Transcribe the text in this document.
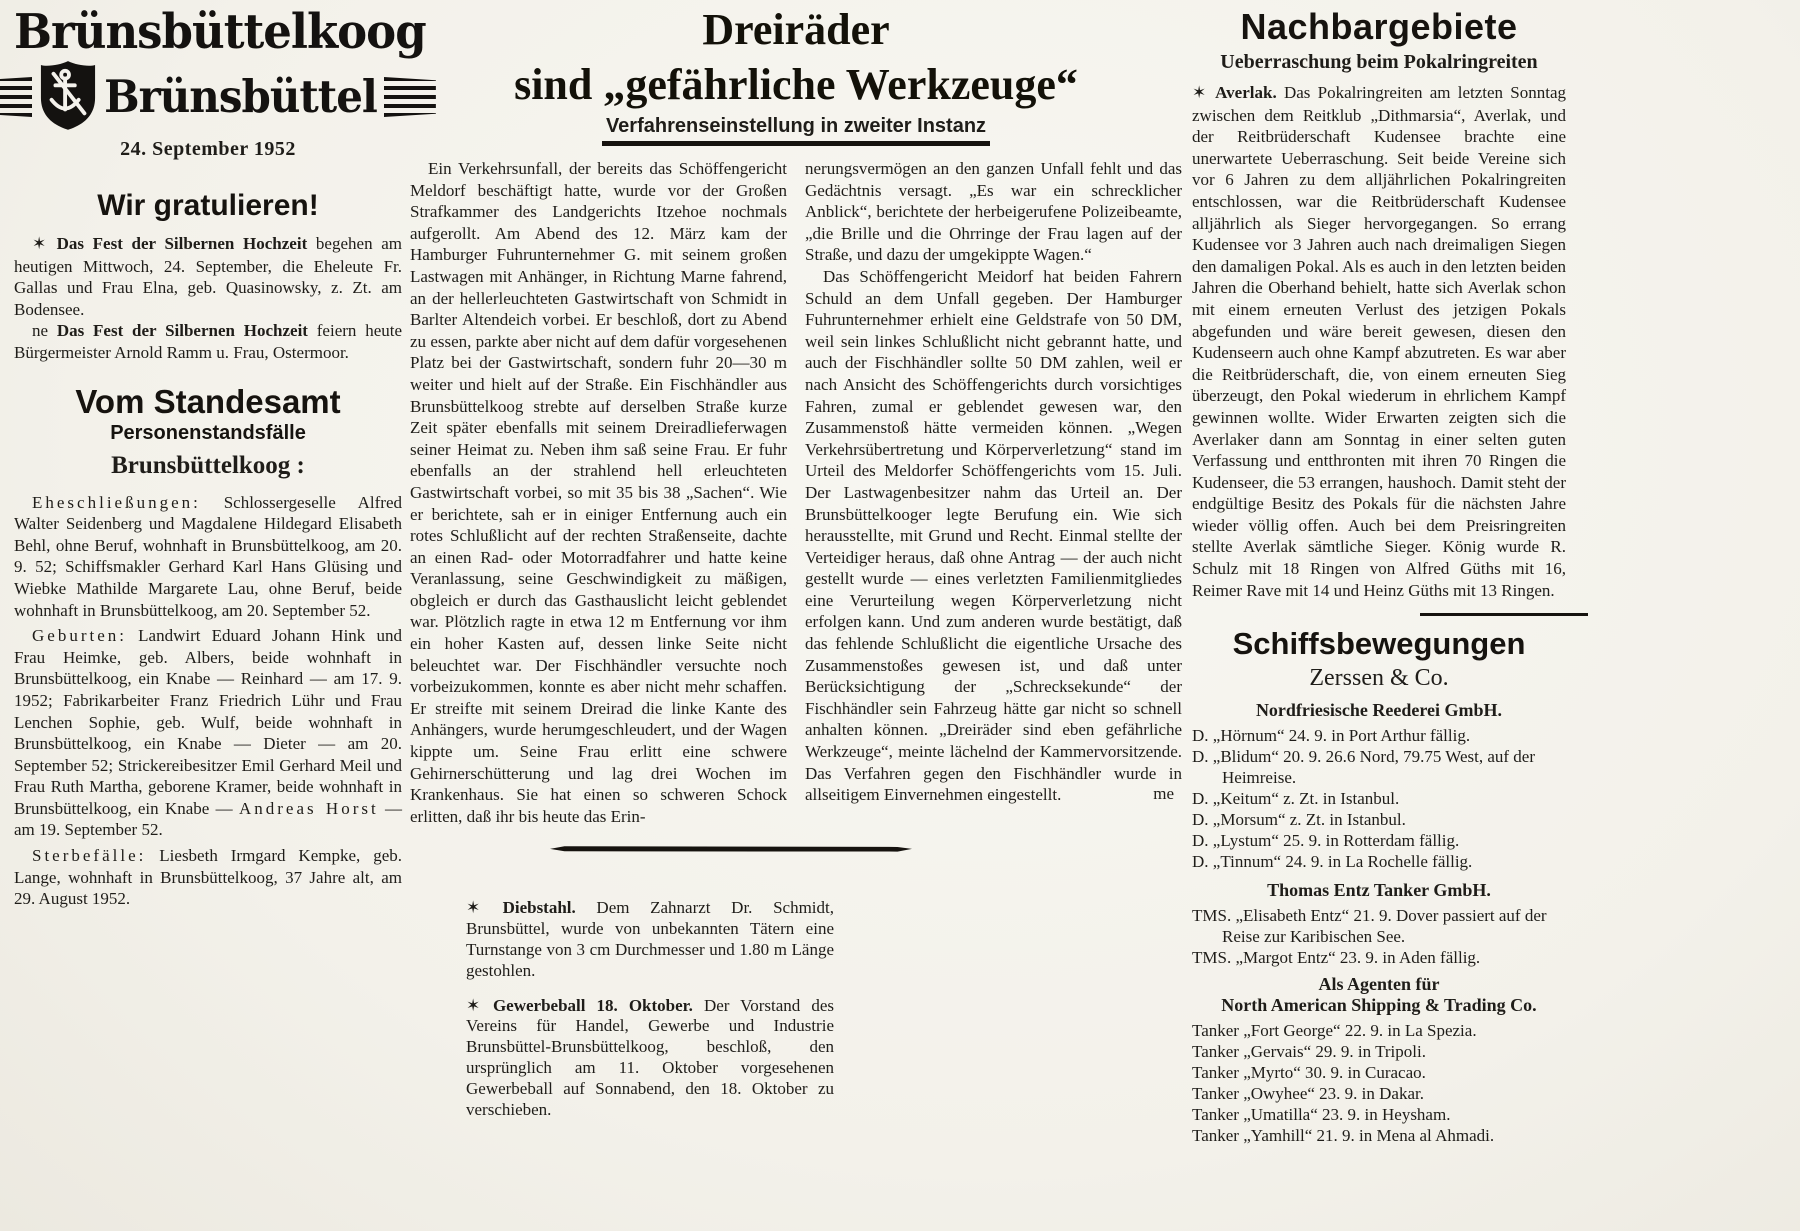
Brünsbüttelkoog
Brünsbüttel
24. September 1952
Wir gratulieren!

✶ Das Fest der Silbernen Hochzeit begehen am heutigen Mittwoch, 24. September, die Eheleute Fr. Gallas und Frau Elna, geb. Quasinowsky, z. Zt. am Bodensee.

ne Das Fest der Silbernen Hochzeit feiern heute Bürgermeister Arnold Ramm u. Frau, Ostermoor.

Vom Standesamt
Personenstandsfälle
Brunsbüttelkoog :

Eheschließungen: Schlossergeselle Alfred Walter Seidenberg und Magdalene Hildegard Elisabeth Behl, ohne Beruf, wohnhaft in Brunsbüttelkoog, am 20. 9. 52; Schiffsmakler Gerhard Karl Hans Glüsing und Wiebke Mathilde Margarete Lau, ohne Beruf, beide wohnhaft in Brunsbüttelkoog, am 20. September 52.

Geburten: Landwirt Eduard Johann Hink und Frau Heimke, geb. Albers, beide wohnhaft in Brunsbüttelkoog, ein Knabe — Reinhard — am 17. 9. 1952; Fabrikarbeiter Franz Friedrich Lühr und Frau Lenchen Sophie, geb. Wulf, beide wohnhaft in Brunsbüttelkoog, ein Knabe — Dieter — am 20. September 52; Strickereibesitzer Emil Gerhard Meil und Frau Ruth Martha, geborene Kramer, beide wohnhaft in Brunsbüttelkoog, ein Knabe — Andreas Horst — am 19. September 52.

Sterbefälle: Liesbeth Irmgard Kempke, geb. Lange, wohnhaft in Brunsbüttelkoog, 37 Jahre alt, am 29. August 1952.

Dreiräder
sind „gefährliche Werkzeuge“
Verfahrenseinstellung in zweiter Instanz

Ein Verkehrsunfall, der bereits das Schöffengericht Meldorf beschäftigt hatte, wurde vor der Großen Strafkammer des Landgerichts Itzehoe nochmals aufgerollt. Am Abend des 12. März kam der Hamburger Fuhrunternehmer G. mit seinem großen Lastwagen mit Anhänger, in Richtung Marne fahrend, an der hellerleuchteten Gastwirtschaft von Schmidt in Barlter Altendeich vorbei. Er beschloß, dort zu Abend zu essen, parkte aber nicht auf dem dafür vorgesehenen Platz bei der Gastwirtschaft, sondern fuhr 20—30 m weiter und hielt auf der Straße. Ein Fischhändler aus Brunsbüttelkoog strebte auf derselben Straße kurze Zeit später ebenfalls mit seinem Dreiradlieferwagen seiner Heimat zu. Neben ihm saß seine Frau. Er fuhr ebenfalls an der strahlend hell erleuchteten Gastwirtschaft vorbei, so mit 35 bis 38 „Sachen“. Wie er berichtete, sah er in einiger Entfernung auch ein rotes Schlußlicht auf der rechten Straßenseite, dachte an einen Rad- oder Motorradfahrer und hatte keine Veranlassung, seine Geschwindigkeit zu mäßigen, obgleich er durch das Gasthauslicht leicht geblendet war. Plötzlich ragte in etwa 12 m Entfernung vor ihm ein hoher Kasten auf, dessen linke Seite nicht beleuchtet war. Der Fischhändler versuchte noch vorbeizukommen, konnte es aber nicht mehr schaffen. Er streifte mit seinem Dreirad die linke Kante des Anhängers, wurde herumgeschleudert, und der Wagen kippte um. Seine Frau erlitt eine schwere Gehirnerschütterung und lag drei Wochen im Krankenhaus. Sie hat einen so schweren Schock erlitten, daß ihr bis heute das Erin-

nerungsvermögen an den ganzen Unfall fehlt und das Gedächtnis versagt. „Es war ein schrecklicher Anblick“, berichtete der herbeigerufene Polizeibeamte, „die Brille und die Ohrringe der Frau lagen auf der Straße, und dazu der umgekippte Wagen.“

Das Schöffengericht Meidorf hat beiden Fahrern Schuld an dem Unfall gegeben. Der Hamburger Fuhrunternehmer erhielt eine Geldstrafe von 50 DM, weil sein linkes Schlußlicht nicht gebrannt hatte, und auch der Fischhändler sollte 50 DM zahlen, weil er nach Ansicht des Schöffengerichts durch vorsichtiges Fahren, zumal er geblendet gewesen war, den Zusammenstoß hätte vermeiden können. „Wegen Verkehrsübertretung und Körperverletzung“ stand im Urteil des Meldorfer Schöffengerichts vom 15. Juli. Der Lastwagenbesitzer nahm das Urteil an. Der Brunsbüttelkooger legte Berufung ein. Wie sich herausstellte, mit Grund und Recht. Einmal stellte der Verteidiger heraus, daß ohne Antrag — der auch nicht gestellt wurde — eines verletzten Familienmitgliedes eine Verurteilung wegen Körperverletzung nicht erfolgen kann. Und zum anderen wurde bestätigt, daß das fehlende Schlußlicht die eigentliche Ursache des Zusammenstoßes gewesen ist, und daß unter Berücksichtigung der „Schrecksekunde“ der Fischhändler sein Fahrzeug hätte gar nicht so schnell anhalten können. „Dreiräder sind eben gefährliche Werkzeuge“, meinte lächelnd der Kammervorsitzende. Das Verfahren gegen den Fischhändler wurde in allseitigem Einvernehmen eingestellt.	me

✶ Diebstahl. Dem Zahnarzt Dr. Schmidt, Brunsbüttel, wurde von unbekannten Tätern eine Turnstange von 3 cm Durchmesser und 1.80 m Länge gestohlen.

✶ Gewerbeball 18. Oktober. Der Vorstand des Vereins für Handel, Gewerbe und Industrie Brunsbüttel-Brunsbüttelkoog, beschloß, den ursprünglich am 11. Oktober vorgesehenen Gewerbeball auf Sonnabend, den 18. Oktober zu verschieben.

Nachbargebiete
Ueberraschung beim Pokalringreiten

✶ Averlak. Das Pokalringreiten am letzten Sonntag zwischen dem Reitklub „Dithmarsia“, Averlak, und der Reitbrüderschaft Kudensee brachte eine unerwartete Ueberraschung. Seit beide Vereine sich vor 6 Jahren zu dem alljährlichen Pokalringreiten entschlossen, war die Reitbrüderschaft Kudensee alljährlich als Sieger hervorgegangen. So errang Kudensee vor 3 Jahren auch nach dreimaligen Siegen den damaligen Pokal. Als es auch in den letzten beiden Jahren die Oberhand behielt, hatte sich Averlak schon mit einem erneuten Verlust des jetzigen Pokals abgefunden und wäre bereit gewesen, diesen den Kudenseern auch ohne Kampf abzutreten. Es war aber die Reitbrüderschaft, die, von einem erneuten Sieg überzeugt, den Pokal wiederum in ehrlichem Kampf gewinnen wollte. Wider Erwarten zeigten sich die Averlaker dann am Sonntag in einer selten guten Verfassung und entthronten mit ihren 70 Ringen die Kudenseer, die 53 errangen, haushoch. Damit steht der endgültige Besitz des Pokals für die nächsten Jahre wieder völlig offen. Auch bei dem Preisringreiten stellte Averlak sämtliche Sieger. König wurde R. Schulz mit 18 Ringen von Alfred Güths mit 16, Reimer Rave mit 14 und Heinz Güths mit 13 Ringen.

Schiffsbewegungen
Zerssen & Co.
Nordfriesische Reederei GmbH.
D. „Hörnum“ 24. 9. in Port Arthur fällig.
D. „Blidum“ 20. 9. 26.6 Nord, 79.75 West, auf der Heimreise.
D. „Keitum“ z. Zt. in Istanbul.
D. „Morsum“ z. Zt. in Istanbul.
D. „Lystum“ 25. 9. in Rotterdam fällig.
D. „Tinnum“ 24. 9. in La Rochelle fällig.
Thomas Entz Tanker GmbH.
TMS. „Elisabeth Entz“ 21. 9. Dover passiert auf der Reise zur Karibischen See.
TMS. „Margot Entz“ 23. 9. in Aden fällig.
Als Agenten für
North American Shipping & Trading Co.
Tanker „Fort George“ 22. 9. in La Spezia.
Tanker „Gervais“ 29. 9. in Tripoli.
Tanker „Myrto“ 30. 9. in Curacao.
Tanker „Owyhee“ 23. 9. in Dakar.
Tanker „Umatilla“ 23. 9. in Heysham.
Tanker „Yamhill“ 21. 9. in Mena al Ahmadi.
